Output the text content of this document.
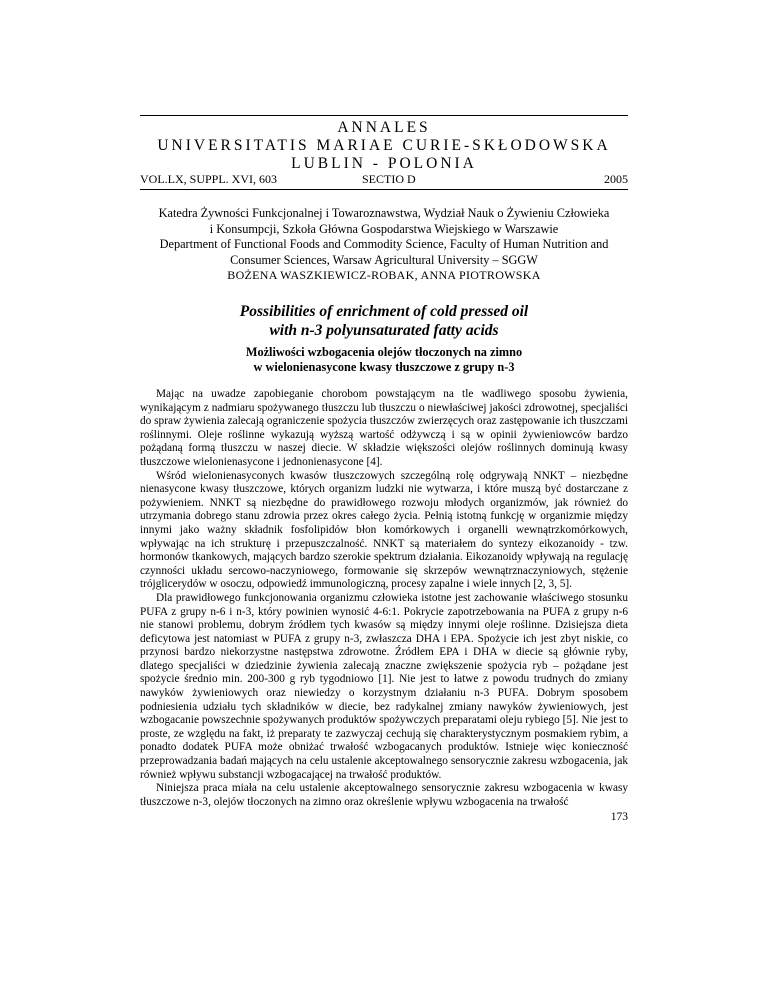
ANNALES
UNIVERSITATIS MARIAE CURIE-SKŁODOWSKA
LUBLIN - POLONIA
VOL.LX, SUPPL. XVI, 603	SECTIO D	2005
Katedra Żywności Funkcjonalnej i Towaroznawstwa, Wydział Nauk o Żywieniu Człowieka
i Konsumpcji, Szkoła Główna Gospodarstwa Wiejskiego w Warszawie
Department of Functional Foods and Commodity Science, Faculty of Human Nutrition and
Consumer Sciences, Warsaw Agricultural University – SGGW
BOŻENA WASZKIEWICZ-ROBAK, ANNA PIOTROWSKA
Possibilities of enrichment of cold pressed oil
with n-3 polyunsaturated fatty acids
Możliwości wzbogacenia olejów tłoczonych na zimno
w wielonienasycone kwasy tłuszczowe z grupy n-3

Mając na uwadze zapobieganie chorobom powstającym na tle wadliwego sposobu żywienia, wynikającym z nadmiaru spożywanego tłuszczu lub tłuszczu o niewłaściwej jakości zdrowotnej, specjaliści do spraw żywienia zalecają ograniczenie spożycia tłuszczów zwierzęcych oraz zastępowanie ich tłuszczami roślinnymi. Oleje roślinne wykazują wyższą wartość odżywczą i są w opinii żywieniowców bardzo pożądaną formą tłuszczu w naszej diecie. W składzie większości olejów roślinnych dominują kwasy tłuszczowe wielonienasycone i jednonienasycone [4].

Wśród wielonienasyconych kwasów tłuszczowych szczególną rolę odgrywają NNKT – niezbędne nienasycone kwasy tłuszczowe, których organizm ludzki nie wytwarza, i które muszą być dostarczane z pożywieniem. NNKT są niezbędne do prawidłowego rozwoju młodych organizmów, jak również do utrzymania dobrego stanu zdrowia przez okres całego życia. Pełnią istotną funkcję w organizmie między innymi jako ważny składnik fosfolipidów błon komórkowych i organelli wewnątrzkomórkowych, wpływając na ich strukturę i przepuszczalność. NNKT są materiałem do syntezy eikozanoidy - tzw. hormonów tkankowych, mających bardzo szerokie spektrum działania. Eikozanoidy wpływają na regulację czynności układu sercowo-naczyniowego, formowanie się skrzepów wewnątrznaczyniowych, stężenie trójglicerydów w osoczu, odpowiedź immunologiczną, procesy zapalne i wiele innych [2, 3, 5].

Dla prawidłowego funkcjonowania organizmu człowieka istotne jest zachowanie właściwego stosunku PUFA z grupy n-6 i n-3, który powinien wynosić 4-6:1. Pokrycie zapotrzebowania na PUFA z grupy n-6 nie stanowi problemu, dobrym źródłem tych kwasów są między innymi oleje roślinne. Dzisiejsza dieta deficytowa jest natomiast w PUFA z grupy n-3, zwłaszcza DHA i EPA. Spożycie ich jest zbyt niskie, co przynosi bardzo niekorzystne następstwa zdrowotne. Źródłem EPA i DHA w diecie są głównie ryby, dlatego specjaliści w dziedzinie żywienia zalecają znaczne zwiększenie spożycia ryb – pożądane jest spożycie średnio min. 200-300 g ryb tygodniowo [1]. Nie jest to łatwe z powodu trudnych do zmiany nawyków żywieniowych oraz niewiedzy o korzystnym działaniu n-3 PUFA. Dobrym sposobem podniesienia udziału tych składników w diecie, bez radykalnej zmiany nawyków żywieniowych, jest wzbogacanie powszechnie spożywanych produktów spożywczych preparatami oleju rybiego [5]. Nie jest to proste, ze względu na fakt, iż preparaty te zazwyczaj cechują się charakterystycznym posmakiem rybim, a ponadto dodatek PUFA może obniżać trwałość wzbogacanych produktów. Istnieje więc konieczność przeprowadzania badań mających na celu ustalenie akceptowalnego sensorycznie zakresu wzbogacenia, jak również wpływu substancji wzbogacającej na trwałość produktów.

Niniejsza praca miała na celu ustalenie akceptowalnego sensorycznie zakresu wzbogacenia w kwasy tłuszczowe n-3, olejów tłoczonych na zimno oraz określenie wpływu wzbogacenia na trwałość

173
